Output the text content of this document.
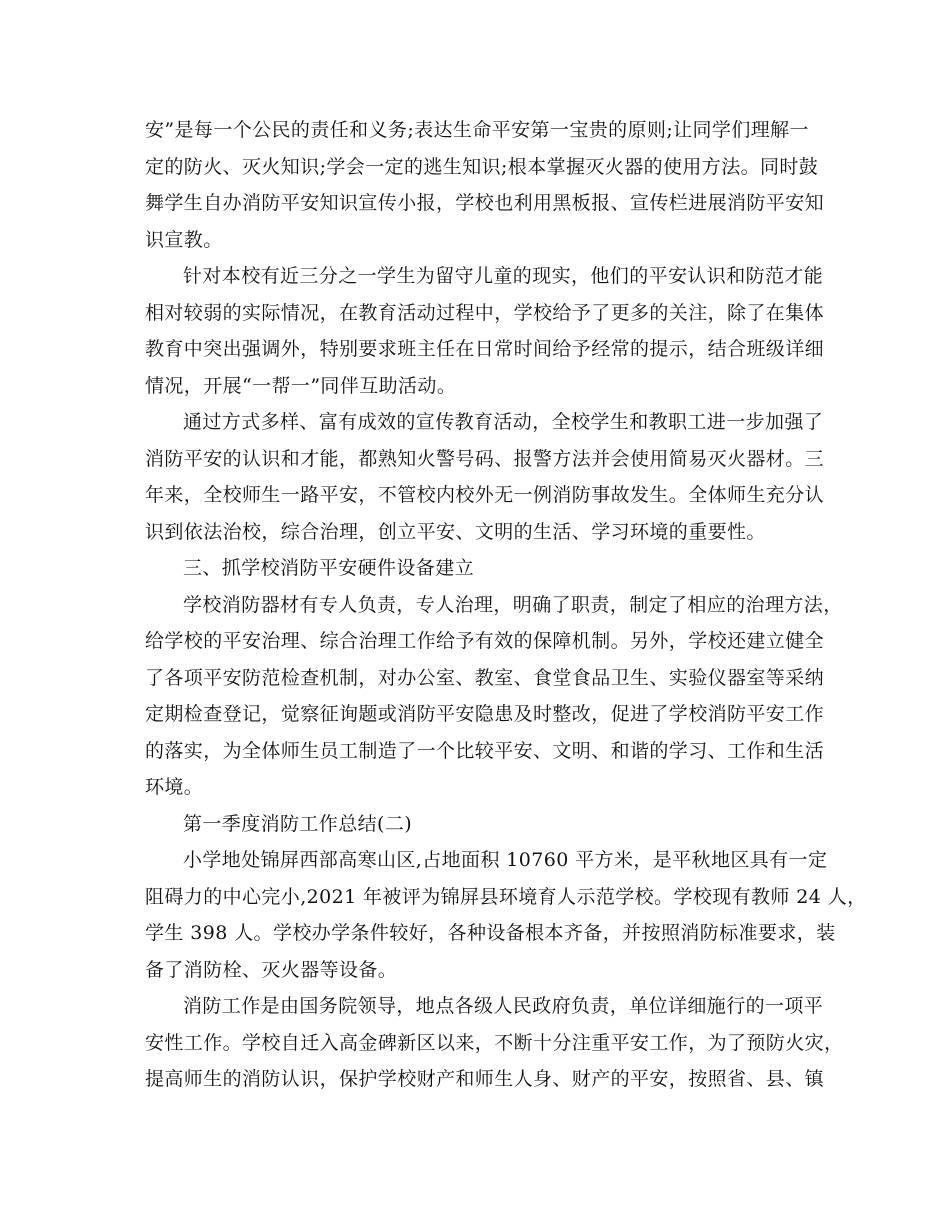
安”是每一个公民的责任和义务;表达生命平安第一宝贵的原则;让同学们理解一
定的防火、灭火知识;学会一定的逃生知识;根本掌握灭火器的使用方法。同时鼓
舞学生自办消防平安知识宣传小报，学校也利用黑板报、宣传栏进展消防平安知
识宣教。

针对本校有近三分之一学生为留守儿童的现实，他们的平安认识和防范才能
相对较弱的实际情况，在教育活动过程中，学校给予了更多的关注，除了在集体
教育中突出强调外，特别要求班主任在日常时间给予经常的提示，结合班级详细
情况，开展“一帮一”同伴互助活动。

通过方式多样、富有成效的宣传教育活动，全校学生和教职工进一步加强了
消防平安的认识和才能，都熟知火警号码、报警方法并会使用简易灭火器材。三
年来，全校师生一路平安，不管校内校外无一例消防事故发生。全体师生充分认
识到依法治校，综合治理，创立平安、文明的生活、学习环境的重要性。

三、抓学校消防平安硬件设备建立

学校消防器材有专人负责，专人治理，明确了职责，制定了相应的治理方法，
给学校的平安治理、综合治理工作给予有效的保障机制。另外，学校还建立健全
了各项平安防范检查机制，对办公室、教室、食堂食品卫生、实验仪器室等采纳
定期检查登记，觉察征询题或消防平安隐患及时整改，促进了学校消防平安工作
的落实，为全体师生员工制造了一个比较平安、文明、和谐的学习、工作和生活
环境。

第一季度消防工作总结(二)

小学地处锦屏西部高寒山区,占地面积 10760 平方米，是平秋地区具有一定
阻碍力的中心完小,2021 年被评为锦屏县环境育人示范学校。学校现有教师 24 人，
学生 398 人。学校办学条件较好，各种设备根本齐备，并按照消防标准要求，装
备了消防栓、灭火器等设备。

消防工作是由国务院领导，地点各级人民政府负责，单位详细施行的一项平
安性工作。学校自迁入高金碑新区以来，不断十分注重平安工作，为了预防火灾，
提高师生的消防认识，保护学校财产和师生人身、财产的平安，按照省、县、镇
